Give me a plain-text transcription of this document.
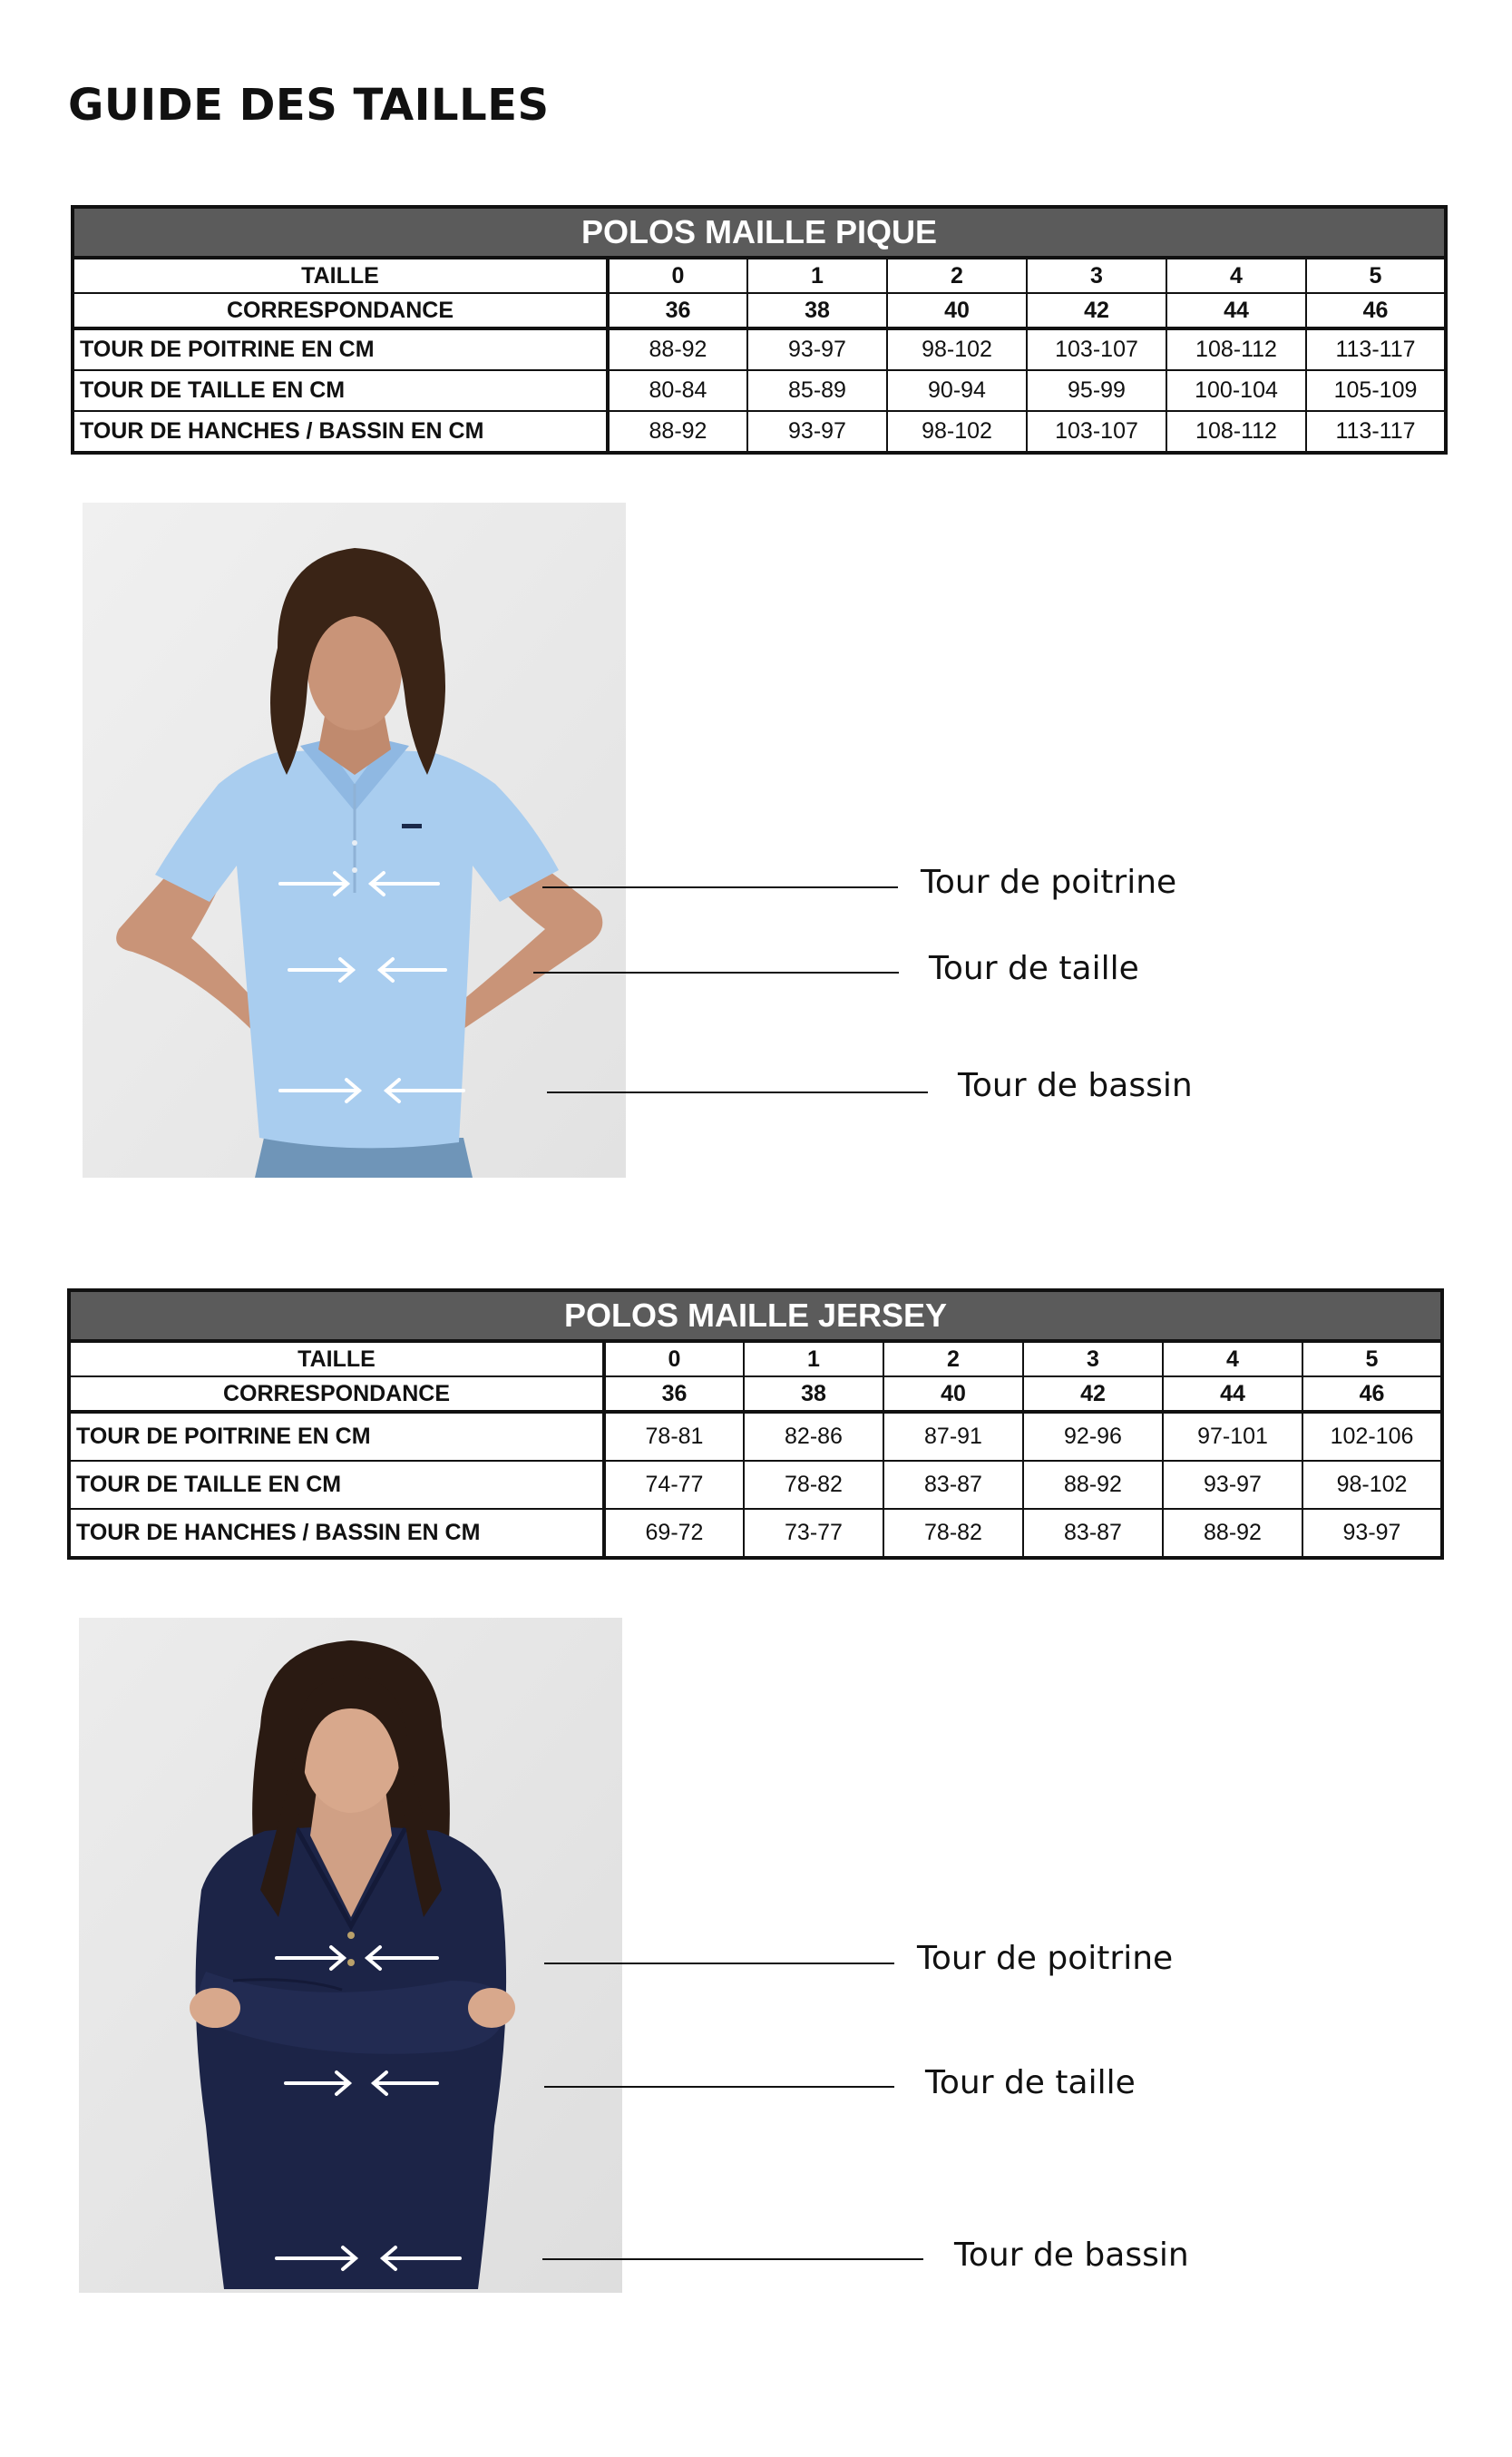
GUIDE DES TAILLES
POLOS MAILLE PIQUE						
TAILLE	0	1	2	3	4	5
CORRESPONDANCE	36	38	40	42	44	46
TOUR DE POITRINE EN CM	88-92	93-97	98-102	103-107	108-112	113-117
TOUR DE TAILLE EN CM	80-84	85-89	90-94	95-99	100-104	105-109
TOUR DE HANCHES / BASSIN EN CM	88-92	93-97	98-102	103-107	108-112	113-117
Tour de poitrine
Tour de taille
Tour de bassin
POLOS MAILLE JERSEY						
TAILLE	0	1	2	3	4	5
CORRESPONDANCE	36	38	40	42	44	46
TOUR DE POITRINE EN CM	78-81	82-86	87-91	92-96	97-101	102-106
TOUR DE TAILLE EN CM	74-77	78-82	83-87	88-92	93-97	98-102
TOUR DE HANCHES / BASSIN EN CM	69-72	73-77	78-82	83-87	88-92	93-97
Tour de poitrine
Tour de taille
Tour de bassin
